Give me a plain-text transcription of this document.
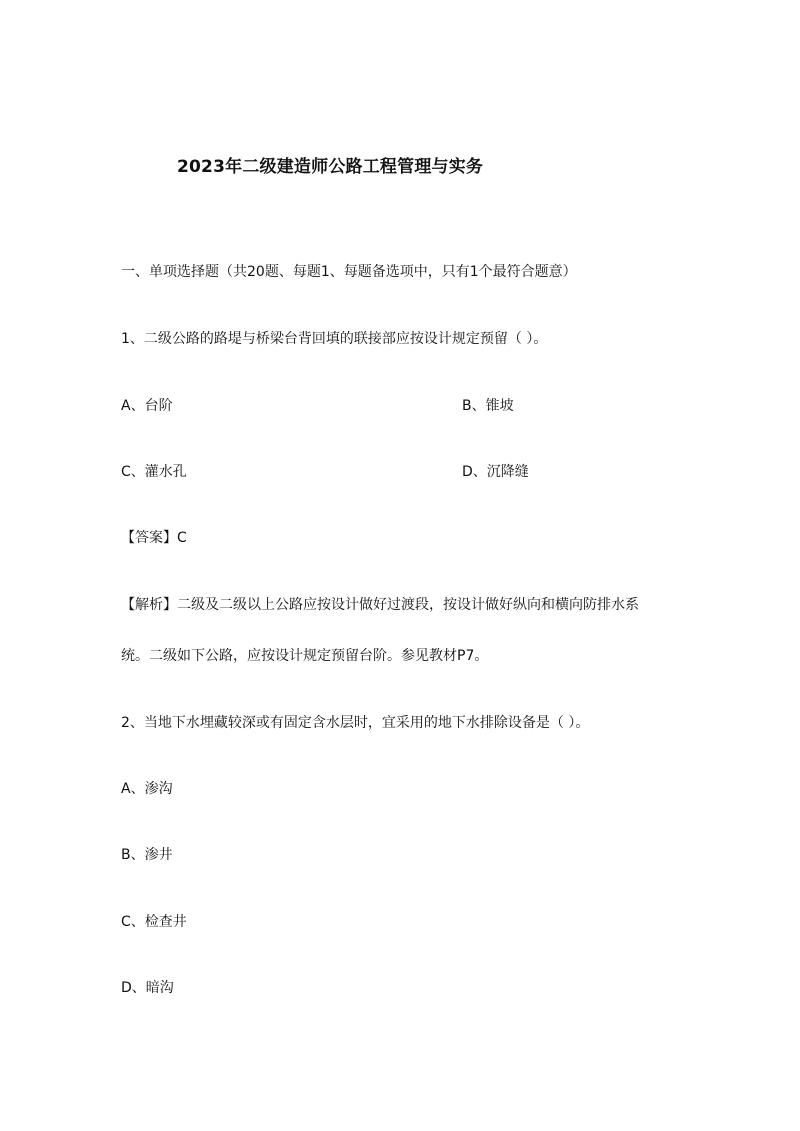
2023年二级建造师公路工程管理与实务
一、单项选择题（共20题、每题1、每题备选项中，只有1个最符合题意）
1、二级公路的路堤与桥梁台背回填的联接部应按设计规定预留（ ）。
A、台阶	B、锥坡
C、灌水孔	D、沉降缝
【答案】C
【解析】二级及二级以上公路应按设计做好过渡段，按设计做好纵向和横向防排水系
统。二级如下公路，应按设计规定预留台阶。参见教材P7。
2、当地下水埋藏较深或有固定含水层时，宜采用的地下水排除设备是（ ）。
A、渗沟
B、渗井
C、检查井
D、暗沟
